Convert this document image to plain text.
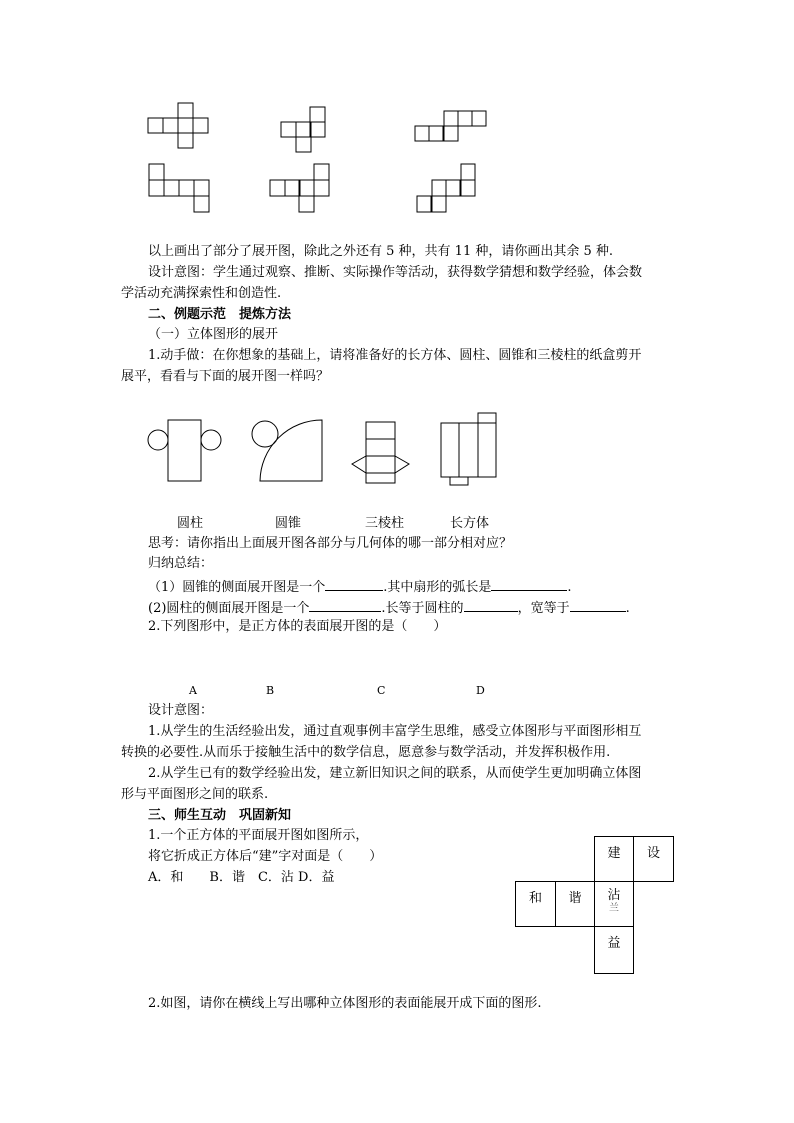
以上画出了部分了展开图，除此之外还有 5 种，共有 11 种，请你画出其余 5 种.
设计意图：学生通过观察、推断、实际操作等活动，获得数学猜想和数学经验，体会数
学活动充满探索性和创造性.
二、例题示范　提炼方法
（一）立体图形的展开
1.动手做：在你想象的基础上，请将准备好的长方体、圆柱、圆锥和三棱柱的纸盒剪开
展平，看看与下面的展开图一样吗？
圆柱	圆锥	三棱柱	长方体
思考：请你指出上面展开图各部分与几何体的哪一部分相对应？
归纳总结：
（1）圆锥的侧面展开图是一个	.其中扇形的弧长是	.
(2)圆柱的侧面展开图是一个	.长等于圆柱的	，宽等于	.
2.下列图形中，是正方体的表面展开图的是（　　）
A	B	C	D
设计意图：
1.从学生的生活经验出发，通过直观事例丰富学生思维，感受立体图形与平面图形相互
转换的必要性.从而乐于接触生活中的数学信息，愿意参与数学活动，并发挥积极作用.
2.从学生已有的数学经验出发，建立新旧知识之间的联系，从而使学生更加明确立体图
形与平面图形之间的联系.
三、师生互动　巩固新知
1.一个正方体的平面展开图如图所示，
将它折成正方体后“建”字对面是（　　）
A．和　　B．谐　C．沾 D．益
建	设
和	谐	沾
兰
益
2.如图，请你在横线上写出哪种立体图形的表面能展开成下面的图形.
